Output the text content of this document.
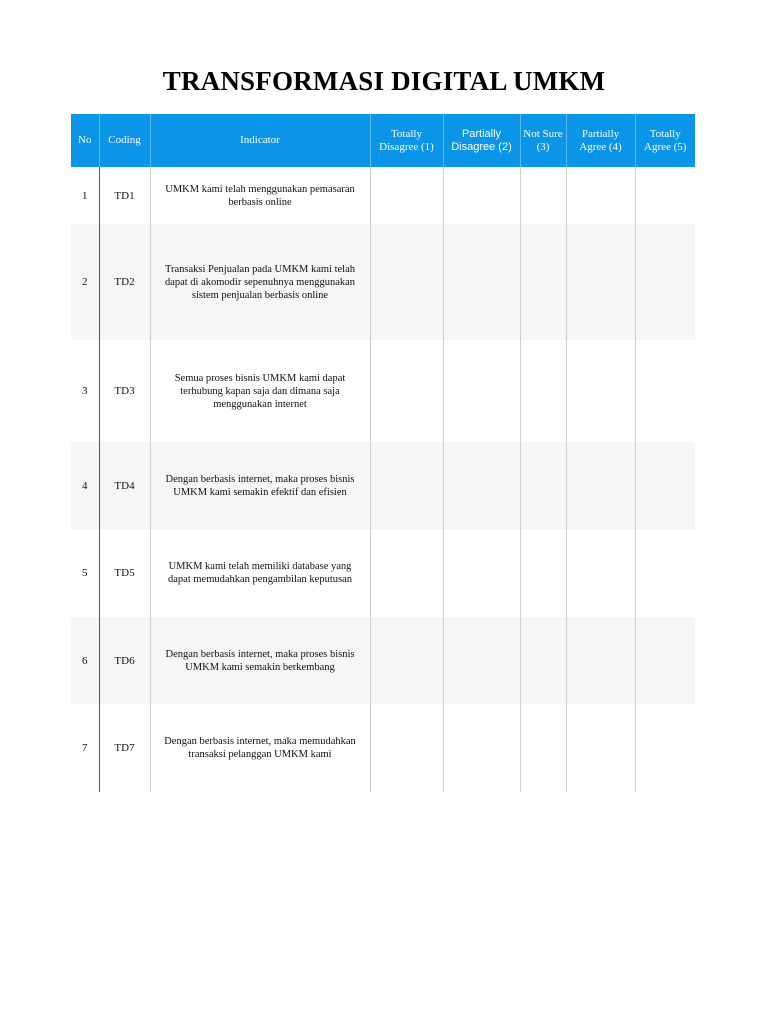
TRANSFORMASI DIGITAL UMKM
No	Coding	Indicator	Totally Disagree (1)	Partially Disagree (2)	Not Sure (3)	Partially Agree (4)	Totally Agree (5)
1	TD1	UMKM kami telah menggunakan pemasaran berbasis online					
2	TD2	Transaksi Penjualan pada UMKM kami telah dapat di akomodir sepenuhnya menggunakan sistem penjualan berbasis online					
3	TD3	Semua proses bisnis UMKM kami dapat terhubung kapan saja dan dimana saja menggunakan internet					
4	TD4	Dengan berbasis internet, maka proses bisnis UMKM kami semakin efektif dan efisien					
5	TD5	UMKM kami telah memiliki database yang dapat memudahkan pengambilan keputusan					
6	TD6	Dengan berbasis internet, maka proses bisnis UMKM kami semakin berkembang					
7	TD7	Dengan berbasis internet, maka memudahkan transaksi pelanggan UMKM kami					
